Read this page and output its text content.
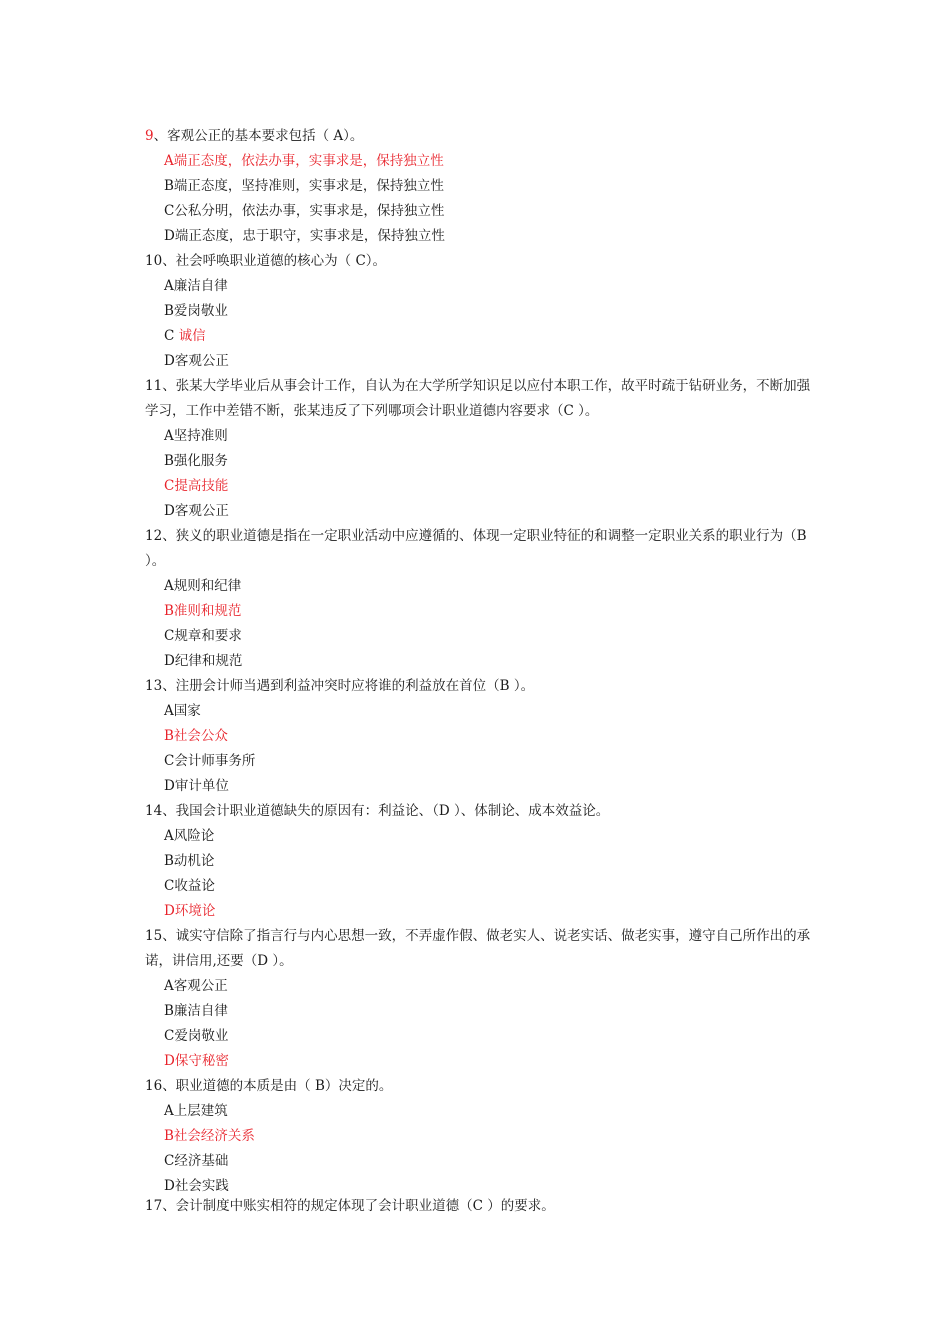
9、客观公正的基本要求包括（ A）。
A端正态度，依法办事，实事求是，保持独立性
B端正态度，坚持准则，实事求是，保持独立性
C公私分明，依法办事，实事求是，保持独立性
D端正态度，忠于职守，实事求是，保持独立性
10、社会呼唤职业道德的核心为（ C）。
A廉洁自律
B爱岗敬业
C 诚信
D客观公正
11、张某大学毕业后从事会计工作，自认为在大学所学知识足以应付本职工作，故平时疏于钻研业务，不断加强学习，工作中差错不断，张某违反了下列哪项会计职业道德内容要求（C ）。
A坚持准则
B强化服务
C提高技能
D客观公正
12、狭义的职业道德是指在一定职业活动中应遵循的、体现一定职业特征的和调整一定职业关系的职业行为（B ）。
A规则和纪律
B准则和规范
C规章和要求
D纪律和规范
13、注册会计师当遇到利益冲突时应将谁的利益放在首位（B ）。
A国家
B社会公众
C会计师事务所
D审计单位
14、我国会计职业道德缺失的原因有：利益论、（D ）、体制论、成本效益论。
A风险论
B动机论
C收益论
D环境论
15、诚实守信除了指言行与内心思想一致，不弄虚作假、做老实人、说老实话、做老实事，遵守自己所作出的承诺，讲信用,还要（D ）。
A客观公正
B廉洁自律
C爱岗敬业
D保守秘密
16、职业道德的本质是由（ B）决定的。
A上层建筑
B社会经济关系
C经济基础
D社会实践
17、会计制度中账实相符的规定体现了会计职业道德（C ）的要求。
